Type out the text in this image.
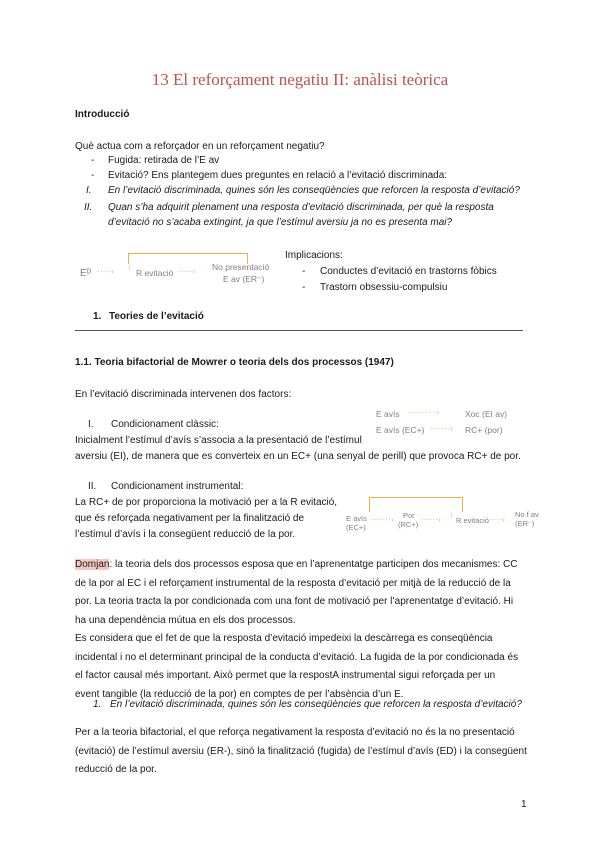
13 El reforçament negatiu II: anàlisi teòrica
Introducció
Què actua com a reforçador en un reforçament negatiu?
- Fugida: retirada de l’E av
- Evitació? Ens plantegem dues preguntes en relació a l’evitació discriminada:
I. En l’evitació discriminada, quines són les conseqüències que reforcen la resposta d’evitació?
II. Quan s’ha adquirit plenament una resposta d’evitació discriminada, per què la resposta
d’evitació no s’acaba extingint, ja que l’estímul aversiu ja no es presenta mai?
Eᴰ ·····› ↑
R evitació ·····› No presentació
E av (ER⁻)
Implicacions:
- Conductes d’evitació en trastorns fòbics
- Trastorn obsessiu-compulsiu
1. Teories de l’evitació
1.1. Teoria bifactorial de Mowrer o teoria dels dos processos (1947)
En l’evitació discriminada intervenen dos factors:
I. Condicionament clàssic:
Inicialment l’estímul d’avís s’associa a la presentació de l’estímul
aversiu (EI), de manera que es converteix en un EC+ (una senyal de perill) que provoca RC+ de por.
E avís ··········›	Xoc (EI av)
E avís (EC+) ·······› RC+ (por)
II. Condicionament instrumental:
La RC+ de por proporciona la motivació per a la R evitació,
que és reforçada negativament per la finalització de
l’estímul d’avís i la consegüent reducció de la por.
E avís
(EC+)
·······› Por
(RC+)
······› ↑
R evitació ·····› No f av
(ER⁻)
Domjan: la teoria dels dos processos esposa que en l’aprenentatge participen dos mecanismes: CC
de la por al EC i el reforçament instrumental de la resposta d’evitació per mitjà de la reducció de la
por. La teoria tracta la por condicionada com una font de motivació per l’aprenentatge d’evitació. Hi
ha una dependència mútua en els dos processos.
Es considera que el fet de que la resposta d’evitació impedeixi la descàrrega es conseqüència
incidental i no el determinant principal de la conducta d’evitació. La fugida de la por condicionada és
el factor causal més important. Això permet que la respostA instrumental sigui reforçada per un
event tangible (la reducció de la por) en comptes de per l’absència d’un E.
1. En l’evitació discriminada, quines són les conseqüències que reforcen la resposta d’evitació?
Per a la teoria bifactorial, el que reforça negativament la resposta d’evitació no és la no presentació
(evitació) de l’estímul aversiu (ER-), sinó la finalització (fugida) de l’estímul d’avís (ED) i la consegüent
reducció de la por.
1
